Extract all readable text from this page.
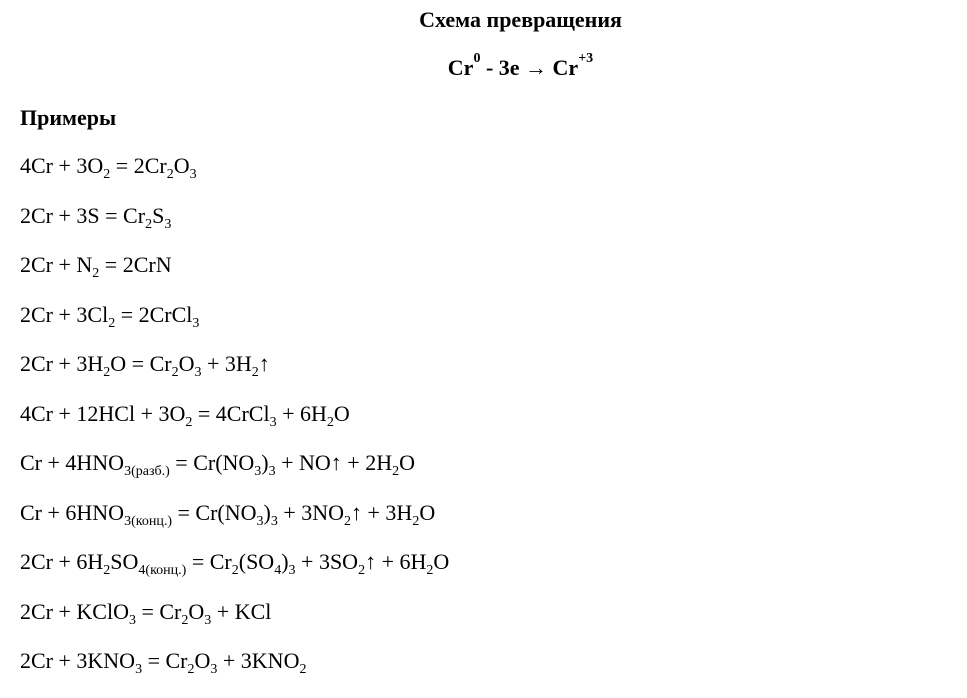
Схема превращения
$Cr^0 - 3e \to Cr^{+3}$
Примеры
$4Cr + 3O_2 = 2Cr_2O_3$
$2Cr + 3S = Cr_2S_3$
$2Cr + N_2 = 2CrN$
$2Cr + 3Cl_2$ = 2CrCl$_3$
$2Cr + 3H_2O = Cr_2O_3$ + $3H_2↑$
$4Cr + 12HCl + 3O_2$ = 4CrCl$_3$ + $6H_2O$
$Cr + 4HNO_{3(разб.)} = Cr(NO_3)_3$ + NO↑ + $2H_2O$
$Cr + 6HNO_{3(конц.)} = Cr(NO_3)_3$ + $3NO_2↑ + 3H_2O$
$2Cr + 6H_2SO_{4(конц.)} = Cr_2(SO_4)_3$ + $3SO_2↑ + 6H_2O$
2Cr + KClO$_3$ = $Cr_2O_3$ + KCl
$2Cr + 3KNO_3 = Cr_2O_3 + 3KNO_2$
